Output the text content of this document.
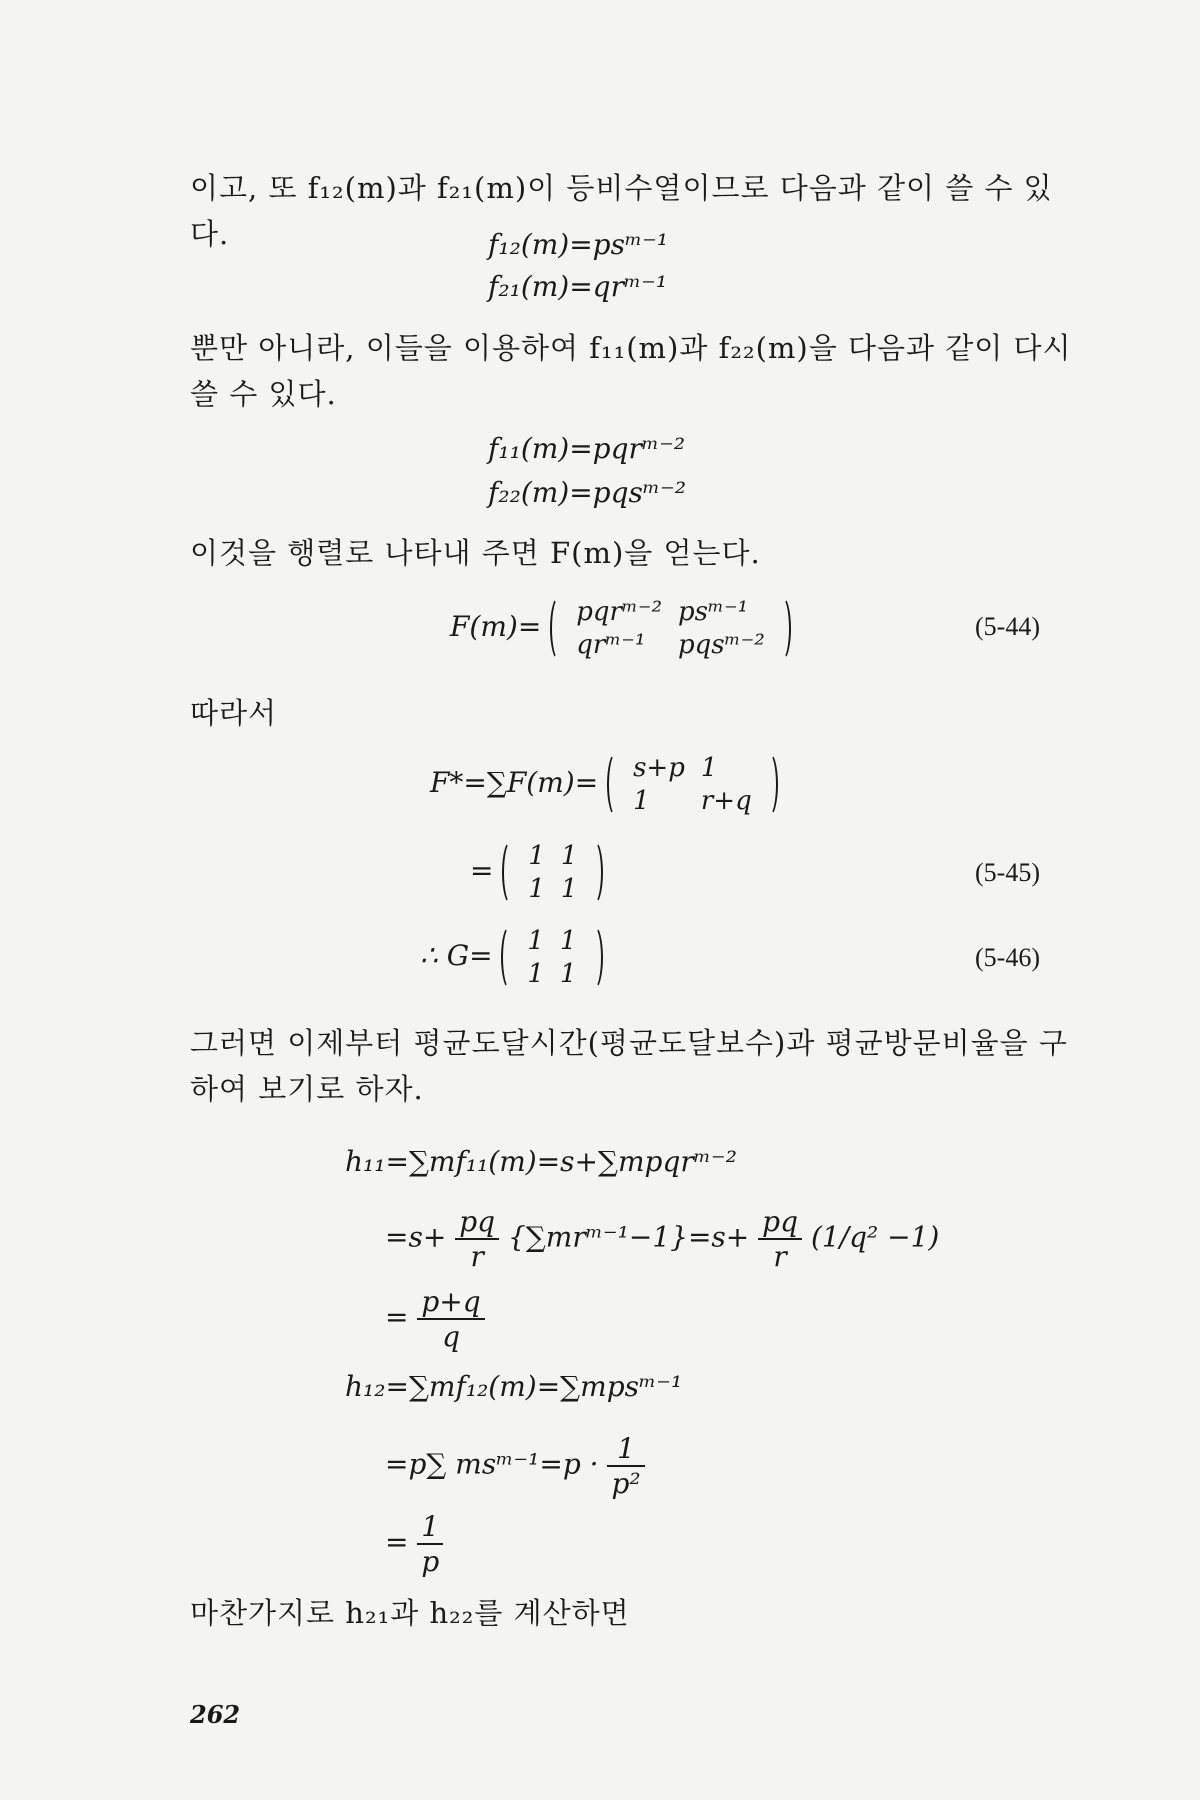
이고, 또 f₁₂(m)과 f₂₁(m)이 등비수열이므로 다음과 같이 쓸 수 있다.	f₁₂(m)=psᵐ⁻¹
f₂₁(m)=qrᵐ⁻¹
뿐만 아니라, 이들을 이용하여 f₁₁(m)과 f₂₂(m)을 다음과 같이 다시 쓸 수 있다.
f₁₁(m)=pqrᵐ⁻²
f₂₂(m)=pqsᵐ⁻²
이것을 행렬로 나타내 주면 F(m)을 얻는다.
F(m)= pqrᵐ⁻²	psᵐ⁻¹
qrᵐ⁻¹	pqsᵐ⁻²
(5-44)
따라서
F*=∑F(m)= s+p	1
1	r+q
= 1	1
1	1
(5-45)
∴ G= 1	1
1	1
(5-46)
그러면 이제부터 평균도달시간(평균도달보수)과 평균방문비율을 구하여 보기로 하자.
h₁₁=∑mf₁₁(m)=s+∑mpqrᵐ⁻²
$=s+ \frac{pq}{r}$ {∑mrᵐ⁻¹−1}=s+ $\frac{pq}{r} (1/q^2 -1)$
= $\frac{p+q}{q}$
h₁₂=∑mf₁₂(m)=∑mpsᵐ⁻¹
=p∑ msᵐ⁻¹=p · $\frac{1}{\text{p²}}$
= $\frac{1}{p}$
마찬가지로 h₂₁과 h₂₂를 계산하면
262
